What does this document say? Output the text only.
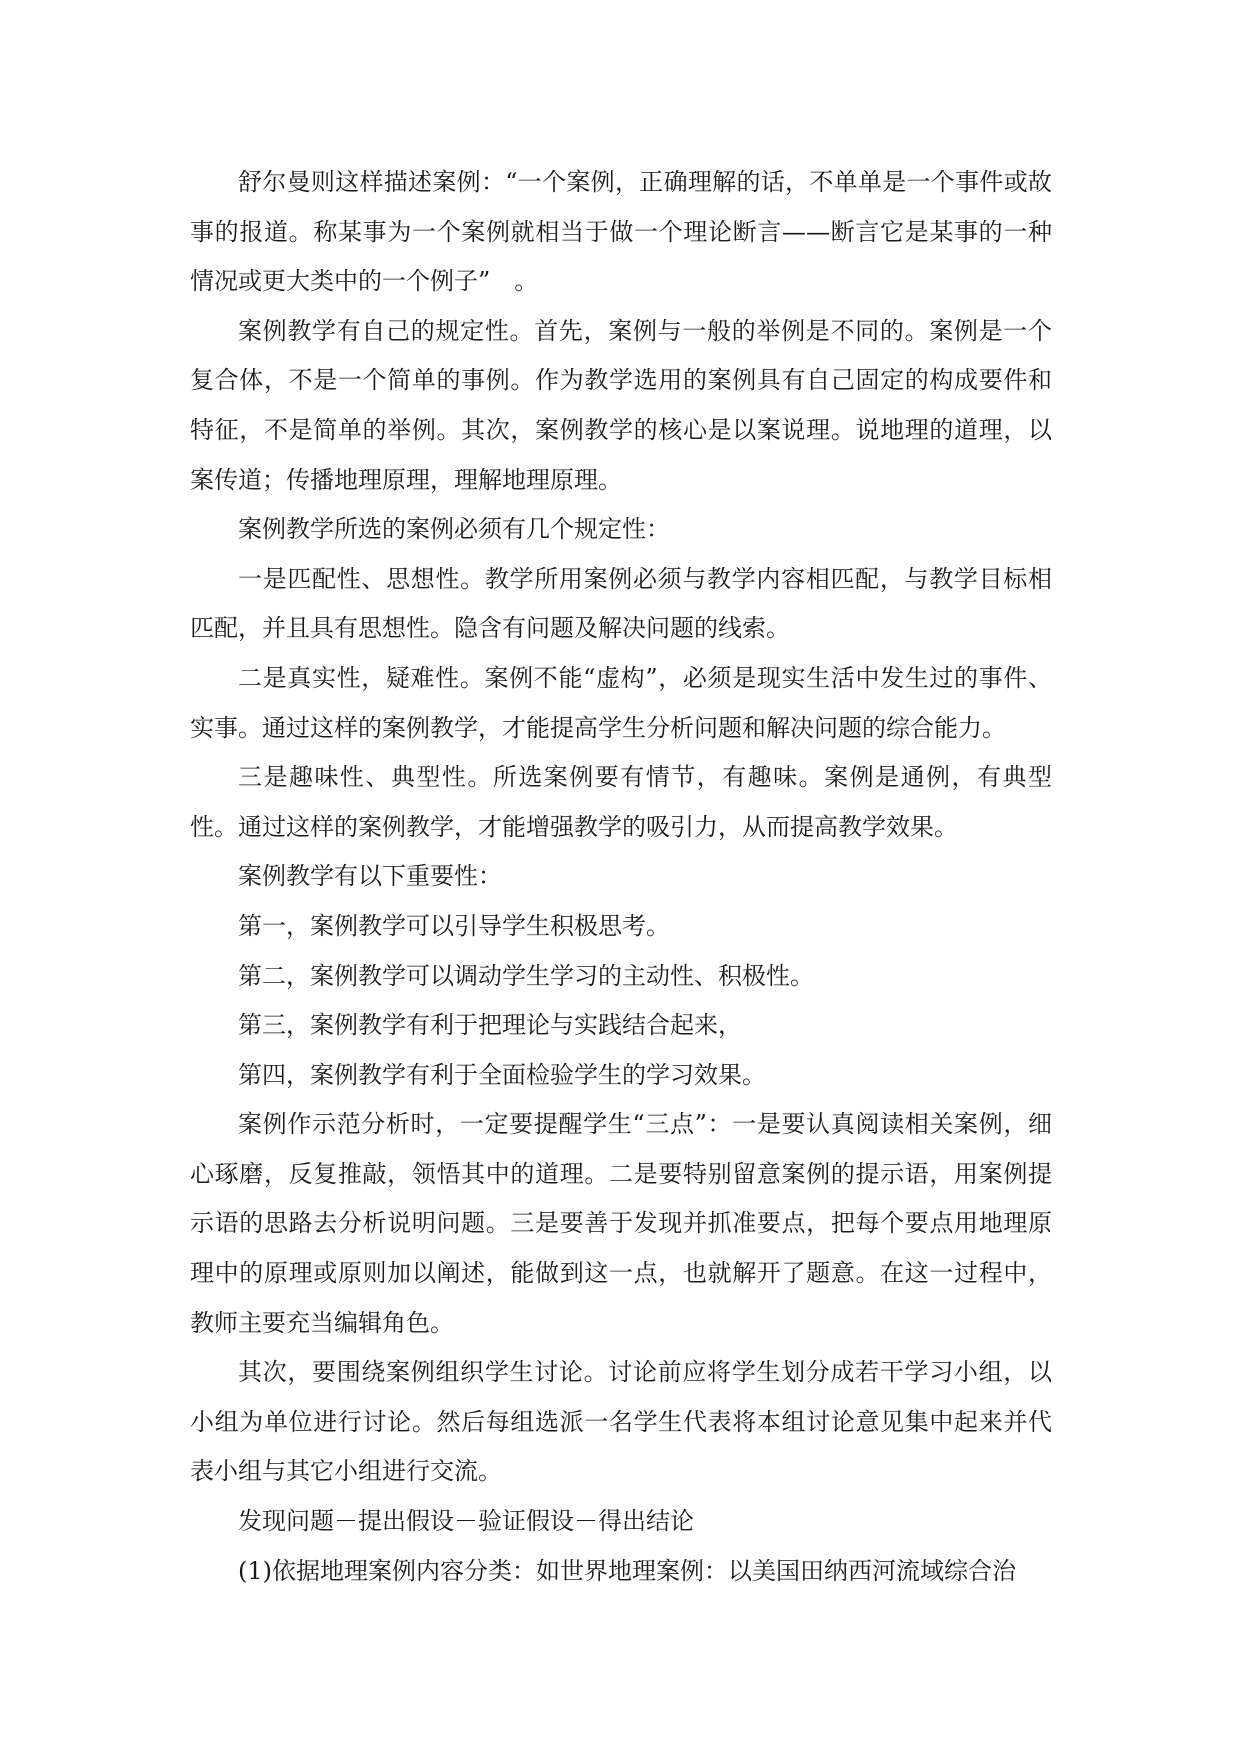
舒尔曼则这样描述案例：“一个案例，正确理解的话，不单单是一个事件或故事的报道。称某事为一个案例就相当于做一个理论断言——断言它是某事的一种情况或更大类中的一个例子”　。

案例教学有自己的规定性。首先，案例与一般的举例是不同的。案例是一个复合体，不是一个简单的事例。作为教学选用的案例具有自己固定的构成要件和特征，不是简单的举例。其次，案例教学的核心是以案说理。说地理的道理，以案传道；传播地理原理，理解地理原理。

案例教学所选的案例必须有几个规定性：

一是匹配性、思想性。教学所用案例必须与教学内容相匹配，与教学目标相匹配，并且具有思想性。隐含有问题及解决问题的线索。

二是真实性，疑难性。案例不能“虚构”，必须是现实生活中发生过的事件、实事。通过这样的案例教学，才能提高学生分析问题和解决问题的综合能力。

三是趣味性、典型性。所选案例要有情节，有趣味。案例是通例，有典型性。通过这样的案例教学，才能增强教学的吸引力，从而提高教学效果。

案例教学有以下重要性：

第一，案例教学可以引导学生积极思考。

第二，案例教学可以调动学生学习的主动性、积极性。

第三，案例教学有利于把理论与实践结合起来，

第四，案例教学有利于全面检验学生的学习效果。

案例作示范分析时，一定要提醒学生“三点”：一是要认真阅读相关案例，细心琢磨，反复推敲，领悟其中的道理。二是要特别留意案例的提示语，用案例提示语的思路去分析说明问题。三是要善于发现并抓准要点，把每个要点用地理原理中的原理或原则加以阐述，能做到这一点，也就解开了题意。在这一过程中，教师主要充当编辑角色。

其次，要围绕案例组织学生讨论。讨论前应将学生划分成若干学习小组，以小组为单位进行讨论。然后每组选派一名学生代表将本组讨论意见集中起来并代表小组与其它小组进行交流。

发现问题－提出假设－验证假设－得出结论

(1)依据地理案例内容分类：如世界地理案例：以美国田纳西河流域综合治
